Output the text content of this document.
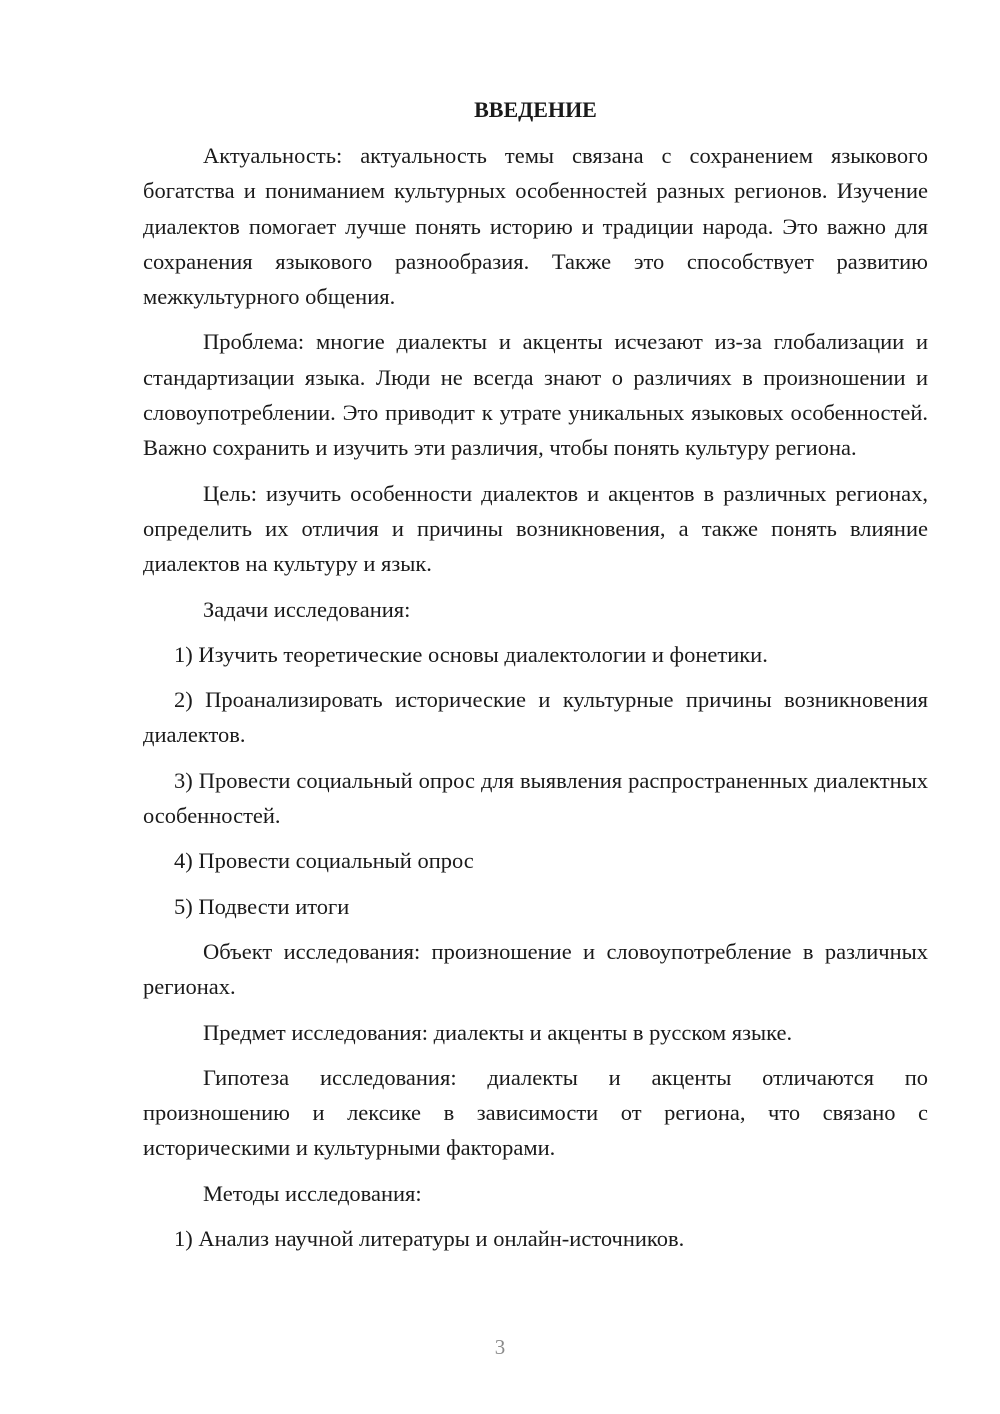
ВВЕДЕНИЕ

Актуальность: актуальность темы связана с сохранением языкового богатства и пониманием культурных особенностей разных регионов. Изучение диалектов помогает лучше понять историю и традиции народа. Это важно для сохранения языкового разнообразия. Также это способствует развитию межкультурного общения.

Проблема: многие диалекты и акценты исчезают из-за глобализации и стандартизации языка. Люди не всегда знают о различиях в произношении и словоупотреблении. Это приводит к утрате уникальных языковых особенностей. Важно сохранить и изучить эти различия, чтобы понять культуру региона.

Цель: изучить особенности диалектов и акцентов в различных регионах, определить их отличия и причины возникновения, а также понять влияние диалектов на культуру и язык.

Задачи исследования:

1) Изучить теоретические основы диалектологии и фонетики.

2) Проанализировать исторические и культурные причины возникновения диалектов.

3) Провести социальный опрос для выявления распространенных диалектных особенностей.

4) Провести социальный опрос

5) Подвести итоги

Объект исследования: произношение и словоупотребление в различных регионах.

Предмет исследования: диалекты и акценты в русском языке.

Гипотеза исследования: диалекты и акценты отличаются по произношению и лексике в зависимости от региона, что связано с историческими и культурными факторами.

Методы исследования:

1) Анализ научной литературы и онлайн-источников.

3
